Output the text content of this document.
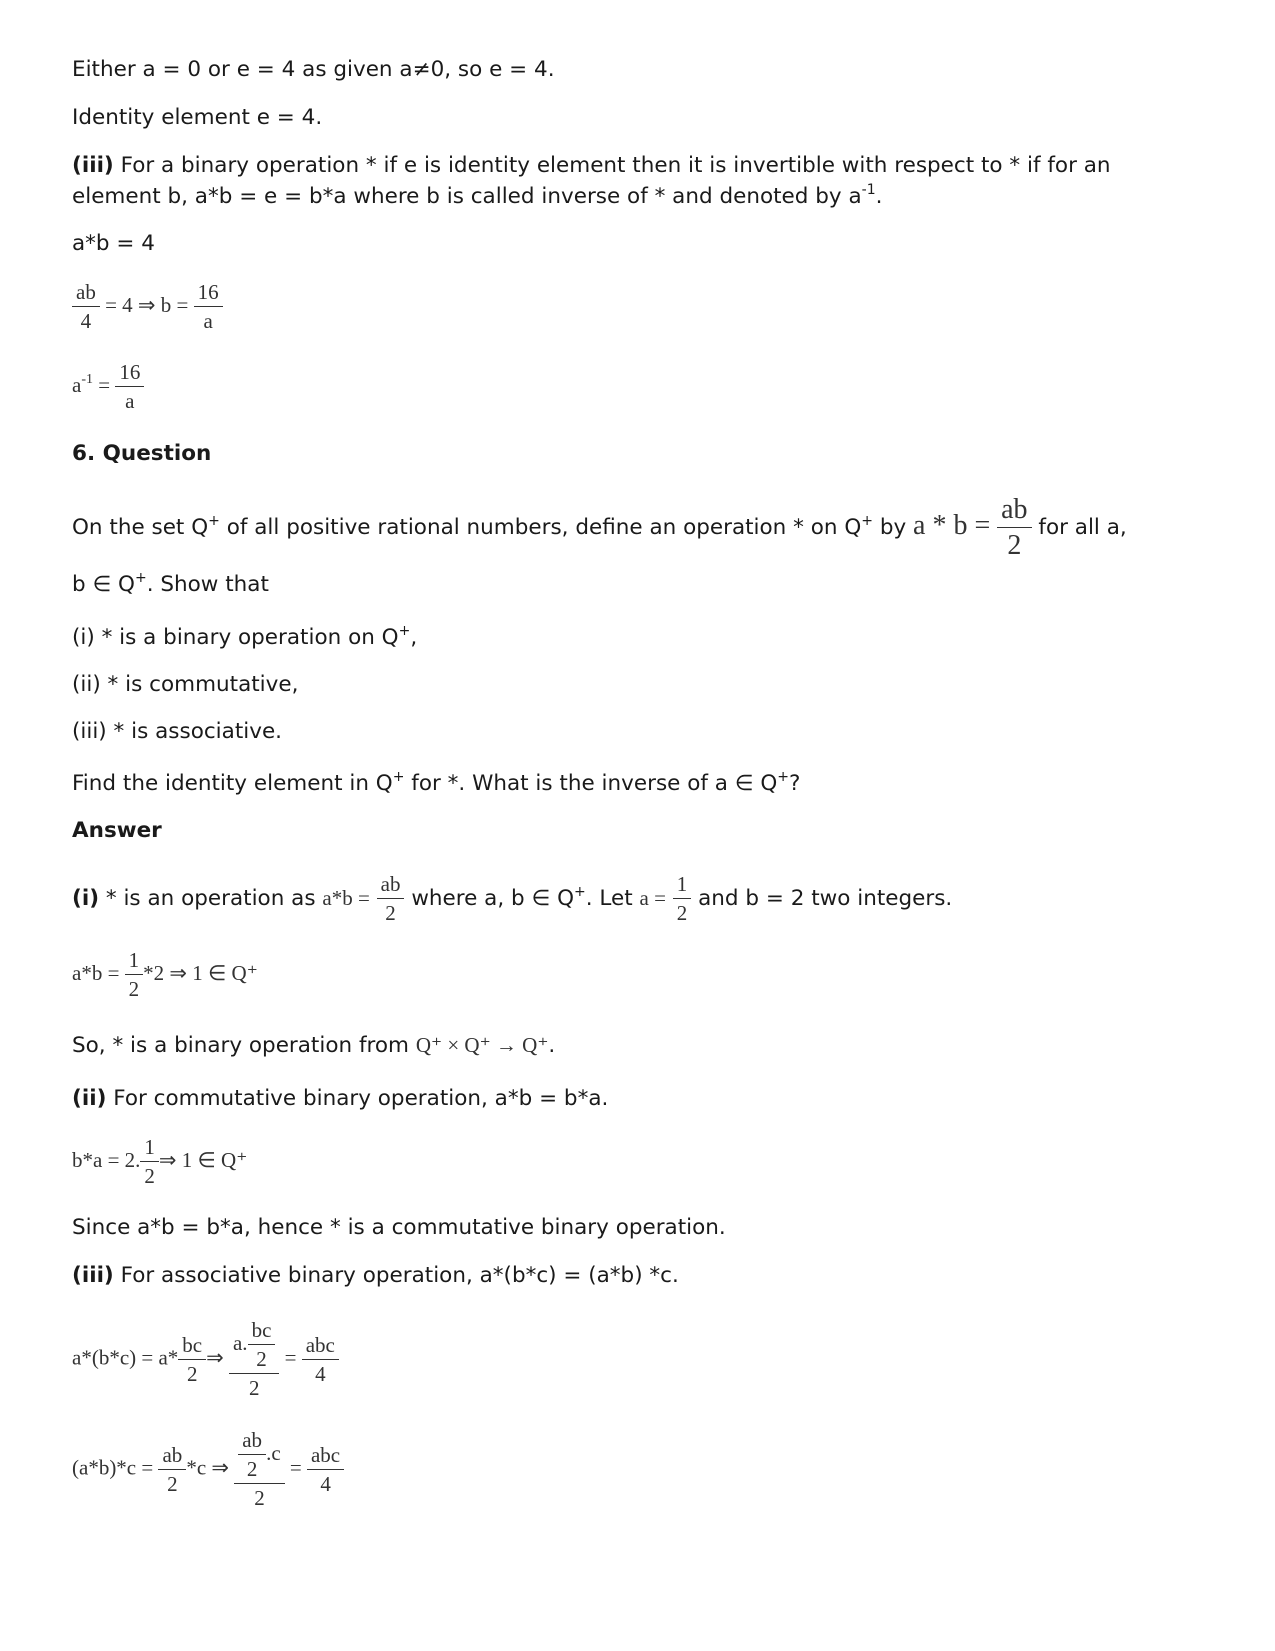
Either a = 0 or e = 4 as given a≠0, so e = 4.
Identity element e = 4.
(iii) For a binary operation * if e is identity element then it is invertible with respect to * if for an
element b, a*b = e = b*a where b is called inverse of * and denoted by $a^{-1}$.
a*b = 4
$\frac{ab}{4} = 4$ ⇒ $b = \frac{16}{a}$
$a^{-1} = \frac{16}{a}$
6. Question
On the set Q+ of all positive rational numbers, define an operation * on Q+ by $a * b = \frac{ab}{2}$ for all a,
b ∈ Q+. Show that
(i) * is a binary operation on Q+,
(ii) * is commutative,
(iii) * is associative.
Find the identity element in Q+ for *. What is the inverse of a ∈ Q+?
Answer
(i) * is an operation as $a*b = \frac{ab}{2}$ where a, b ∈ Q+. Let $a = \frac{1}{2}$ and b = 2 two integers.
$a*b = \frac{1}{2} *2$ ⇒ 1 ∈ Q⁺
So, * is a binary operation from Q⁺ × Q⁺ → Q⁺.
(ii) For commutative binary operation, a*b = b*a.
b*a = 2. $\frac{1}{2}$ ⇒ 1 ∈ Q⁺
Since a*b = b*a, hence * is a commutative binary operation.
(iii) For associative binary operation, a*(b*c) = (a*b) *c.
$a*(b*c) = a* \frac{bc}{2}$ ⇒ $\frac{a. \frac{bc}{2}}{2}$ =
abc
4
$(a*b)*c = \frac{ab}{2} *c$ ⇒ $\frac{\frac{ab}{2} .c}{2}$ =
abc
4
